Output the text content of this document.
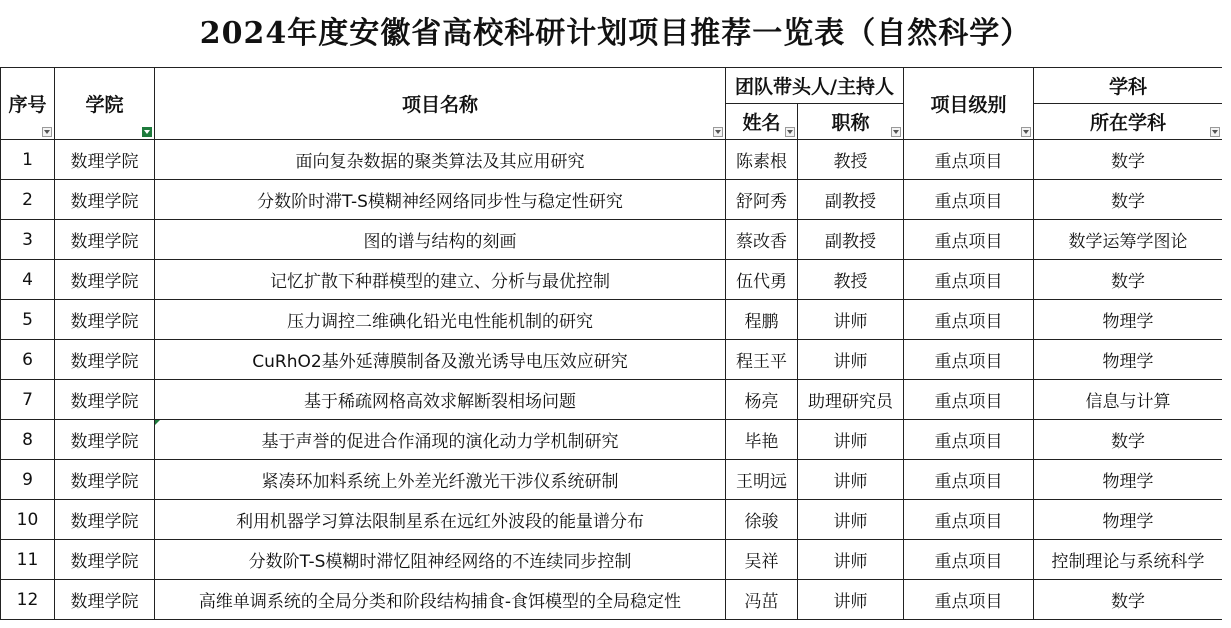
2024年度安徽省高校科研计划项目推荐一览表（自然科学）
序号	学院	项目名称	团队带头人/主持人		项目级别	学科
			姓名	职称		所在学科

1	数理学院	面向复杂数据的聚类算法及其应用研究	陈素根	教授	重点项目	数学
2	数理学院	分数阶时滞T-S模糊神经网络同步性与稳定性研究	舒阿秀	副教授	重点项目	数学
3	数理学院	图的谱与结构的刻画	蔡改香	副教授	重点项目	数学运筹学图论
4	数理学院	记忆扩散下种群模型的建立、分析与最优控制	伍代勇	教授	重点项目	数学
5	数理学院	压力调控二维碘化铅光电性能机制的研究	程鹏	讲师	重点项目	物理学
6	数理学院	CuRhO2基外延薄膜制备及激光诱导电压效应研究	程王平	讲师	重点项目	物理学
7	数理学院	基于稀疏网格高效求解断裂相场问题	杨亮	助理研究员	重点项目	信息与计算
8	数理学院	基于声誉的促进合作涌现的演化动力学机制研究	毕艳	讲师	重点项目	数学
9	数理学院	紧凑环加料系统上外差光纤激光干涉仪系统研制	王明远	讲师	重点项目	物理学
10	数理学院	利用机器学习算法限制星系在远红外波段的能量谱分布	徐骏	讲师	重点项目	物理学
11	数理学院	分数阶T-S模糊时滞忆阻神经网络的不连续同步控制	吴祥	讲师	重点项目	控制理论与系统科学
12	数理学院	高维单调系统的全局分类和阶段结构捕食-食饵模型的全局稳定性	冯茁	讲师	重点项目	数学
